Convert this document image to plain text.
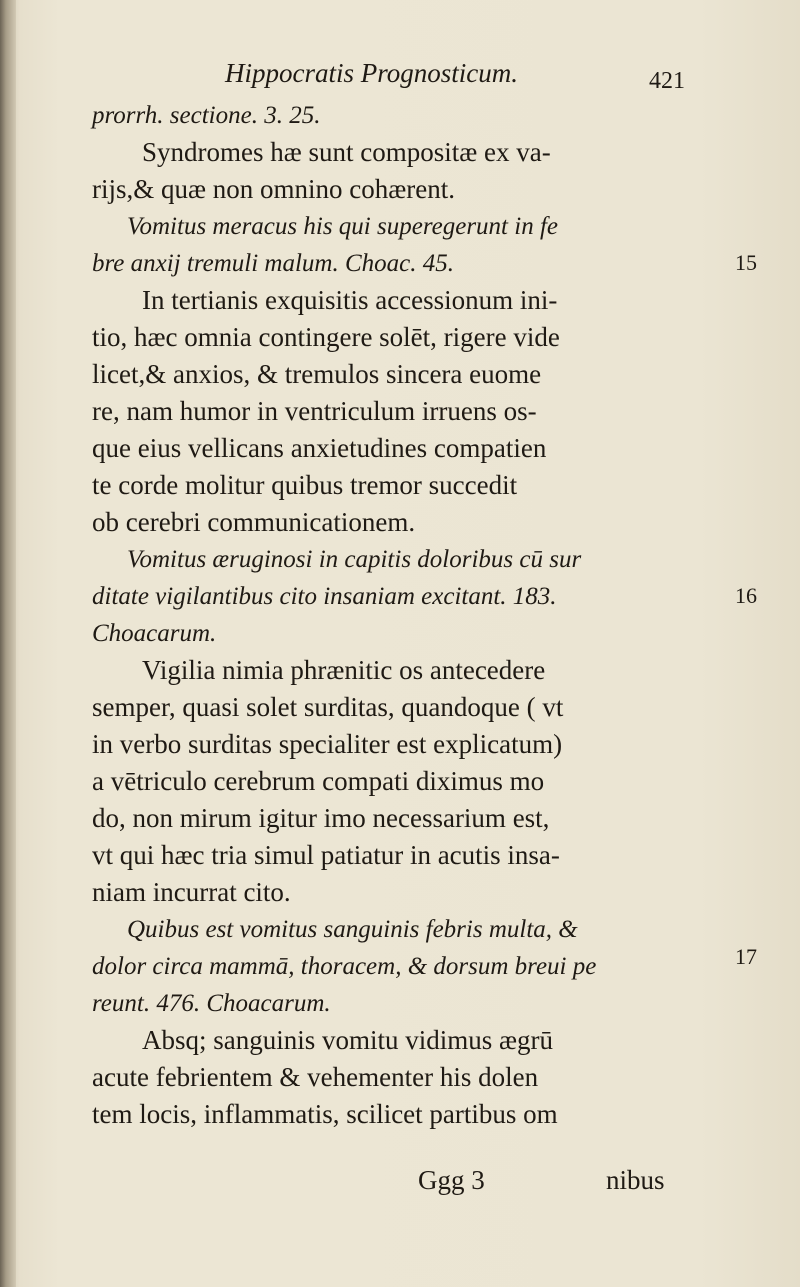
Hippocratis Prognosticum.	421
prorrh. sectione. 3. 25.
Syndromes hæ sunt compositæ ex va-
rijs,& quæ non omnino cohærent.
Vomitus meracus his qui superegerunt in fe
bre anxij tremuli malum. Choac. 45.
In tertianis exquisitis accessionum ini-
tio, hæc omnia contingere solēt, rigere vide
licet,& anxios, & tremulos sincera euome
re, nam humor in ventriculum irruens os-
que eius vellicans anxietudines compatien
te corde molitur quibus tremor succedit
ob cerebri communicationem.
Vomitus æruginosi in capitis doloribus cū sur
ditate vigilantibus cito insaniam excitant. 183.
Choacarum.
Vigilia nimia phrænitic os antecedere
semper, quasi solet surditas, quandoque ( vt
in verbo surditas specialiter est explicatum)
a vētriculo cerebrum compati diximus mo
do, non mirum igitur imo necessarium est,
vt qui hæc tria simul patiatur in acutis insa-
niam incurrat cito.
Quibus est vomitus sanguinis febris multa, &
dolor circa mammā, thoracem, & dorsum breui pe
reunt. 476. Choacarum.
Absq; sanguinis vomitu vidimus ægrū
acute febrientem & vehementer his dolen
tem locis, inflammatis, scilicet partibus om
15
16
17
Ggg 3	nibus
